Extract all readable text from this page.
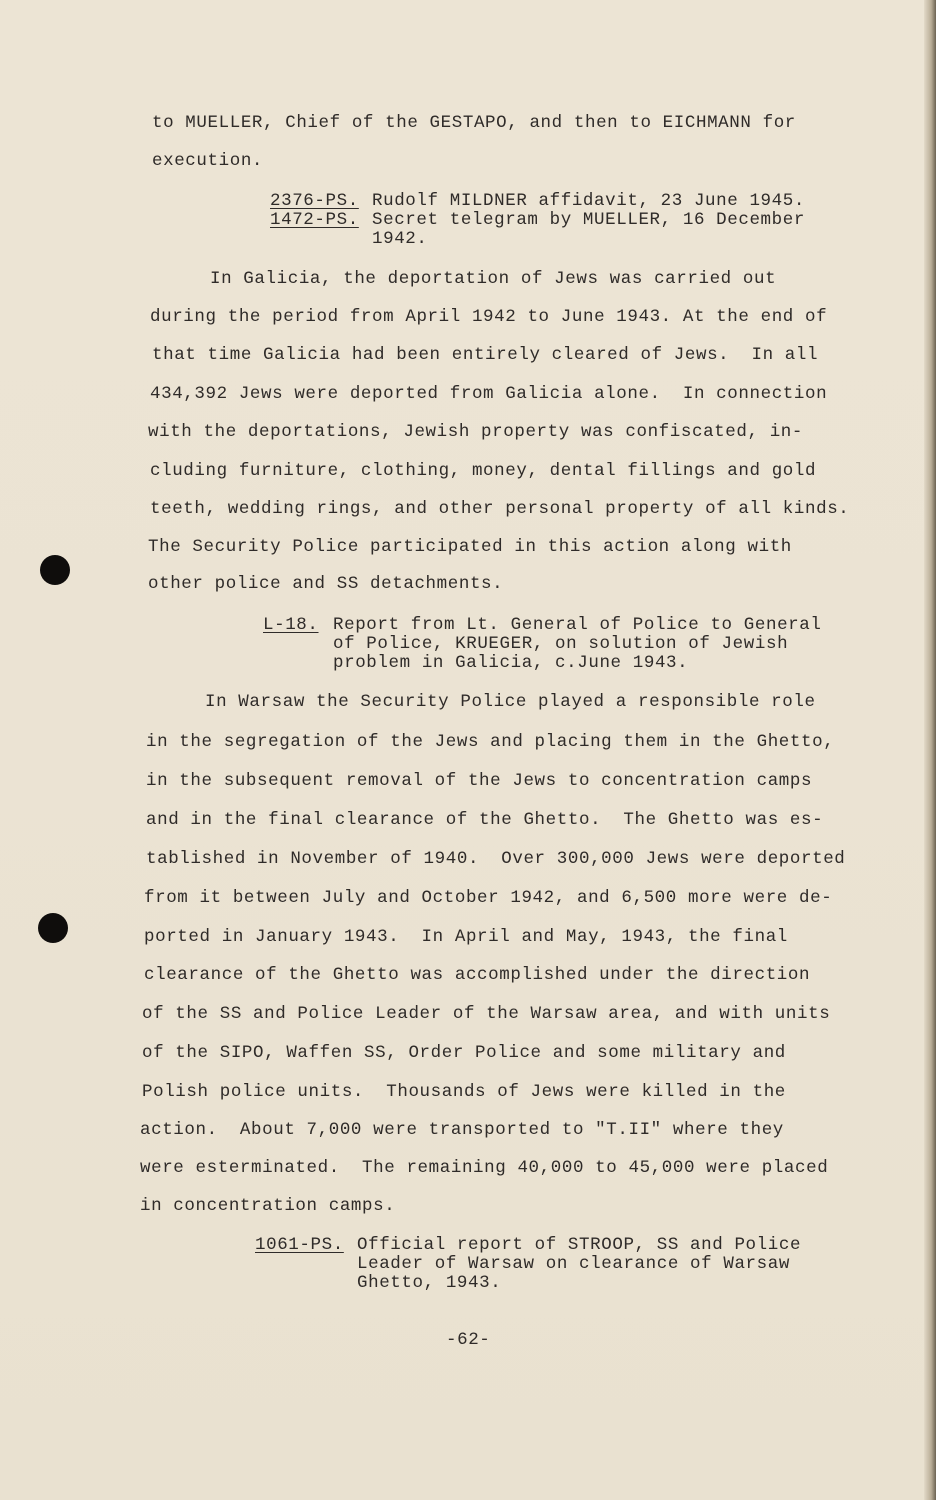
to MUELLER, Chief of the GESTAPO, and then to EICHMANN for
execution.

2376-PS.

Rudolf MILDNER affidavit, 23 June 1945.

1472-PS.

Secret telegram by MUELLER, 16 December
1942.

In Galicia, the deportation of Jews was carried out
during the period from April 1942 to June 1943. At the end of
that time Galicia had been entirely cleared of Jews.  In all
434,392 Jews were deported from Galicia alone.  In connection
with the deportations, Jewish property was confiscated, in-
cluding furniture, clothing, money, dental fillings and gold
teeth, wedding rings, and other personal property of all kinds.
The Security Police participated in this action along with
other police and SS detachments.

L-18.

Report from Lt. General of Police to General
of Police, KRUEGER, on solution of Jewish
problem in Galicia, c.June 1943.

In Warsaw the Security Police played a responsible role
in the segregation of the Jews and placing them in the Ghetto,
in the subsequent removal of the Jews to concentration camps
and in the final clearance of the Ghetto.  The Ghetto was es-
tablished in November of 1940.  Over 300,000 Jews were deported
from it between July and October 1942, and 6,500 more were de-
ported in January 1943.  In April and May, 1943, the final
clearance of the Ghetto was accomplished under the direction
of the SS and Police Leader of the Warsaw area, and with units
of the SIPO, Waffen SS, Order Police and some military and
Polish police units.  Thousands of Jews were killed in the
action.  About 7,000 were transported to "T.II" where they
were esterminated.  The remaining 40,000 to 45,000 were placed
in concentration camps.

1061-PS.

Official report of STROOP, SS and Police
Leader of Warsaw on clearance of Warsaw
Ghetto, 1943.

-62-
